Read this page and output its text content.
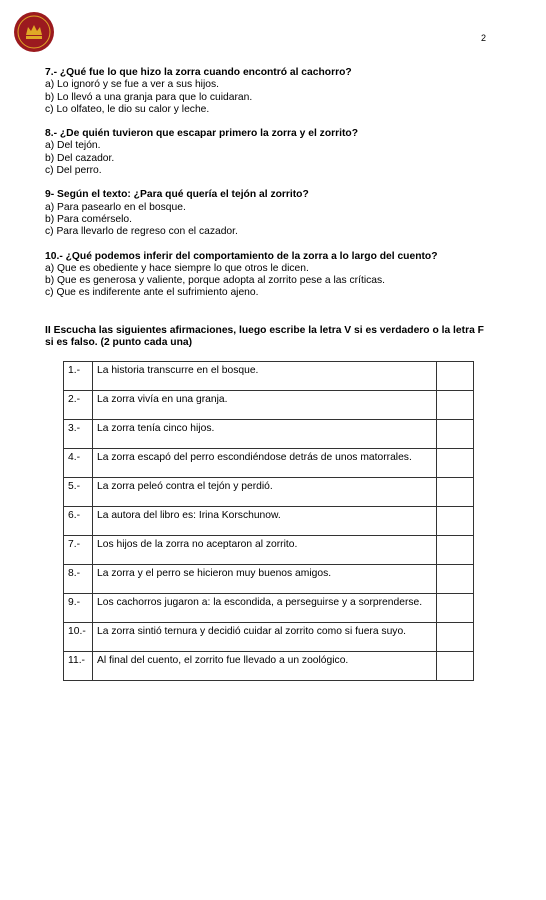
2
7.- ¿Qué fue lo que hizo la zorra cuando encontró al cachorro?
a) Lo ignoró y se fue a ver a sus hijos.
b) Lo llevó a una granja para que lo cuidaran.
c) Lo olfateo, le dio su calor y leche.
8.- ¿De quién tuvieron que escapar primero la zorra y el zorrito?
a) Del tejón.
b) Del cazador.
c) Del perro.
9- Según el texto: ¿Para qué quería el tejón al zorrito?
a) Para pasearlo en el bosque.
b) Para comérselo.
c) Para llevarlo de regreso con el cazador.
10.- ¿Qué podemos inferir del comportamiento de la zorra a lo largo del cuento?
a) Que es obediente y hace siempre lo que otros le dicen.
b) Que es generosa y valiente, porque adopta al zorrito pese a las críticas.
c) Que es indiferente ante el sufrimiento ajeno.
II Escucha las siguientes afirmaciones, luego escribe la letra V si es verdadero o la letra F si es falso. (2 punto cada una)
1.-	La historia transcurre en el bosque.	
2.-	La zorra vivía en una granja.	
3.-	La zorra tenía cinco hijos.	
4.-	La zorra escapó del perro escondiéndose detrás de unos matorrales.	
5.-	La zorra peleó contra el tejón y perdió.	
6.-	La autora del libro es: Irina Korschunow.	
7.-	Los hijos de la zorra no aceptaron al zorrito.	
8.-	La zorra y el perro se hicieron muy buenos amigos.	
9.-	Los cachorros jugaron a: la escondida, a perseguirse y a sorprenderse.	
10.-	La zorra sintió ternura y decidió cuidar al zorrito como si fuera suyo.	
11.-	Al final del cuento, el zorrito fue llevado a un zoológico.	
